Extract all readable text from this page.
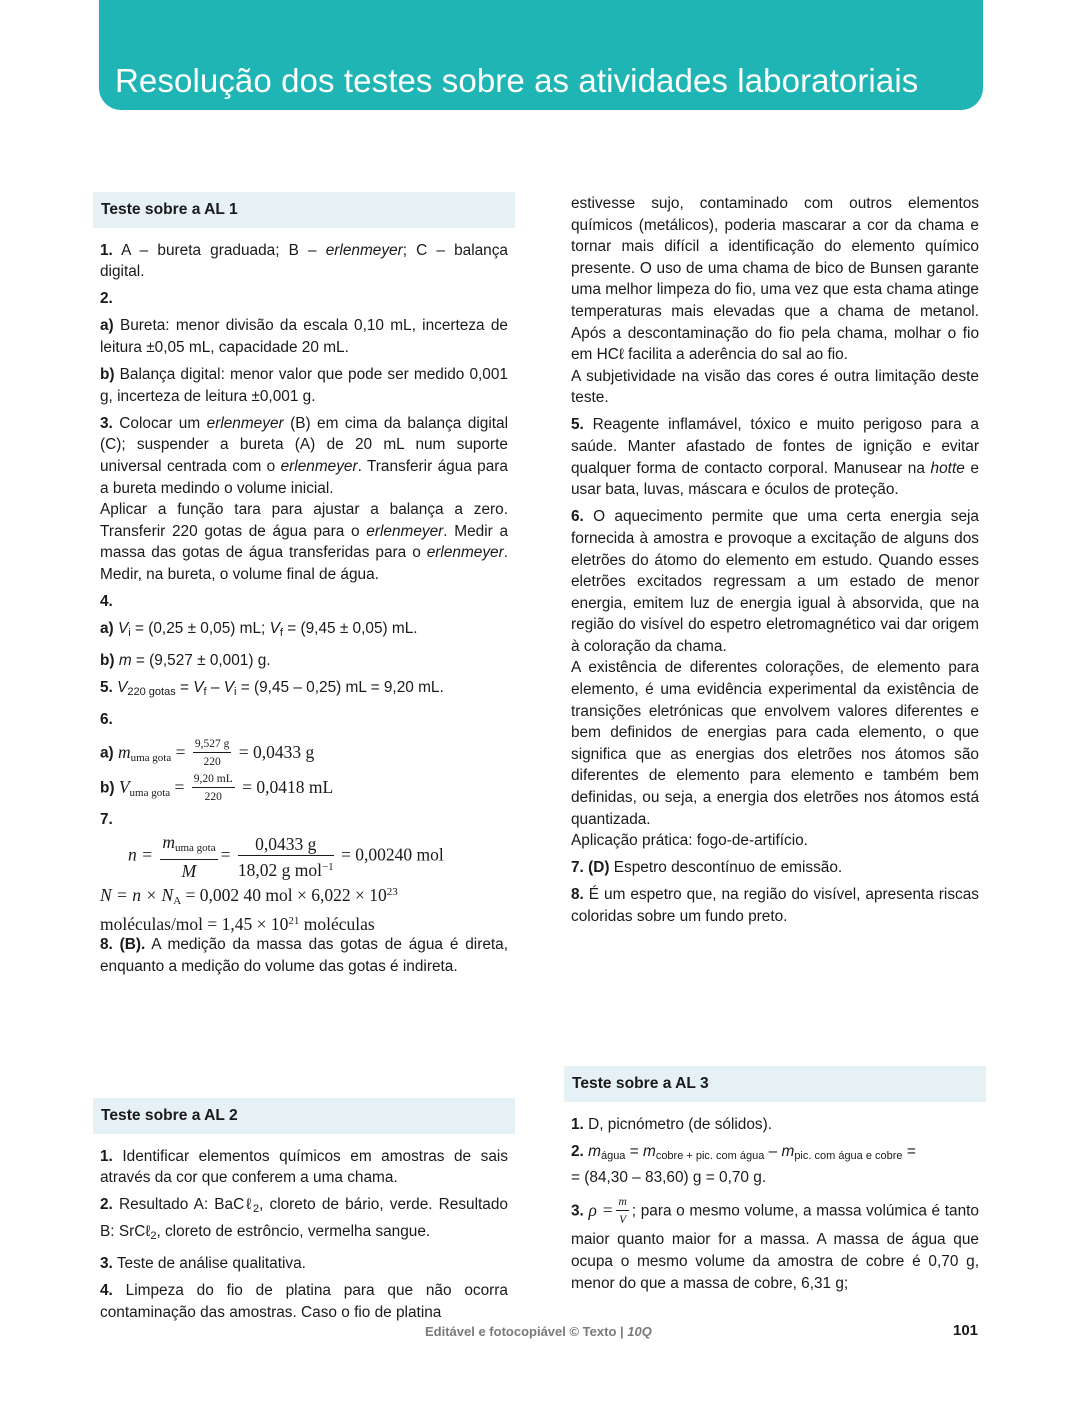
Resolução dos testes sobre as atividades laboratoriais
Teste sobre a AL 1

1. A – bureta graduada; B – erlenmeyer; C – balança digital.

2.

a) Bureta: menor divisão da escala 0,10 mL, incerteza de leitura ±0,05 mL, capacidade 20 mL.

b) Balança digital: menor valor que pode ser medido 0,001 g, incerteza de leitura ±0,001 g.

3. Colocar um erlenmeyer (B) em cima da balança digital (C); suspender a bureta (A) de 20 mL num suporte universal centrada com o erlenmeyer. Transferir água para a bureta medindo o volume inicial.

Aplicar a função tara para ajustar a balança a zero. Transferir 220 gotas de água para o erlenmeyer. Medir a massa das gotas de água transferidas para o erlenmeyer. Medir, na bureta, o volume final de água.

4.

a) $V_i = (0,25 \pm 0,05)$ mL; $V_f = (9,45 \pm 0,05)$ mL.

b) m = (9,527 ± 0,001) g.

5. $V_{220 gotas} = V_f - V_i = (9,45 - 0,25)$ mL = 9,20 mL.

6.

a) $m_{uma gota} = \frac{9,527 g}{220} = 0,0433$ g

b) $V_{uma gota} = \frac{9,20 mL}{220} = 0,0418$ mL

7.

$n = \frac{m_{uma gota}}{M} = \frac{0,0433 g}{18,02 g mol^{-1}} = 0,00240$ mol

$N = n \times N_A = 0,002$ 40 mol × $6,022 \times 10^{23}$
moléculas/mol = $1,45 \times 10^{21}$ moléculas

8. (B). A medição da massa das gotas de água é direta, enquanto a medição do volume das gotas é indireta.

estivesse sujo, contaminado com outros elementos químicos (metálicos), poderia mascarar a cor da chama e tornar mais difícil a identificação do elemento químico presente. O uso de uma chama de bico de Bunsen garante uma melhor limpeza do fio, uma vez que esta chama atinge temperaturas mais elevadas que a chama de metanol. Após a descontaminação do fio pela chama, molhar o fio em HCℓ facilita a aderência do sal ao fio.

A subjetividade na visão das cores é outra limitação deste teste.

5. Reagente inflamável, tóxico e muito perigoso para a saúde. Manter afastado de fontes de ignição e evitar qualquer forma de contacto corporal. Manusear na hotte e usar bata, luvas, máscara e óculos de proteção.

6. O aquecimento permite que uma certa energia seja fornecida à amostra e provoque a excitação de alguns dos eletrões do átomo do elemento em estudo. Quando esses eletrões excitados regressam a um estado de menor energia, emitem luz de energia igual à absorvida, que na região do visível do espetro eletromagnético vai dar origem à coloração da chama.

A existência de diferentes colorações, de elemento para elemento, é uma evidência experimental da existência de transições eletrónicas que envolvem valores diferentes e bem definidos de energias para cada elemento, o que significa que as energias dos eletrões nos átomos são diferentes de elemento para elemento e também bem definidas, ou seja, a energia dos eletrões nos átomos está quantizada.

Aplicação prática: fogo-de-artifício.

7. (D) Espetro descontínuo de emissão.

8. É um espetro que, na região do visível, apresenta riscas coloridas sobre um fundo preto.

Teste sobre a AL 2

1. Identificar elementos químicos em amostras de sais através da cor que conferem a uma chama.

2. Resultado A: BaCℓ$_2$, cloreto de bário, verde. Resultado B: SrCℓ$_2$, cloreto de estrôncio, vermelha sangue.

3. Teste de análise qualitativa.

4. Limpeza do fio de platina para que não ocorra contaminação das amostras. Caso o fio de platina

Teste sobre a AL 3

1. D, picnómetro (de sólidos).

2. $m_{água} = m_{cobre + pic. com água} - m_{pic. com água e cobre}$ =

= (84,30 – 83,60) g = 0,70 g.

3. $\rho = \frac{m}{V}$ ; para o mesmo volume, a massa volúmica é tanto maior quanto maior for a massa. A massa de água que ocupa o mesmo volume da amostra de cobre é 0,70 g, menor do que a massa de cobre, 6,31 g;

Editável e fotocopiável © Texto | 10Q	101
